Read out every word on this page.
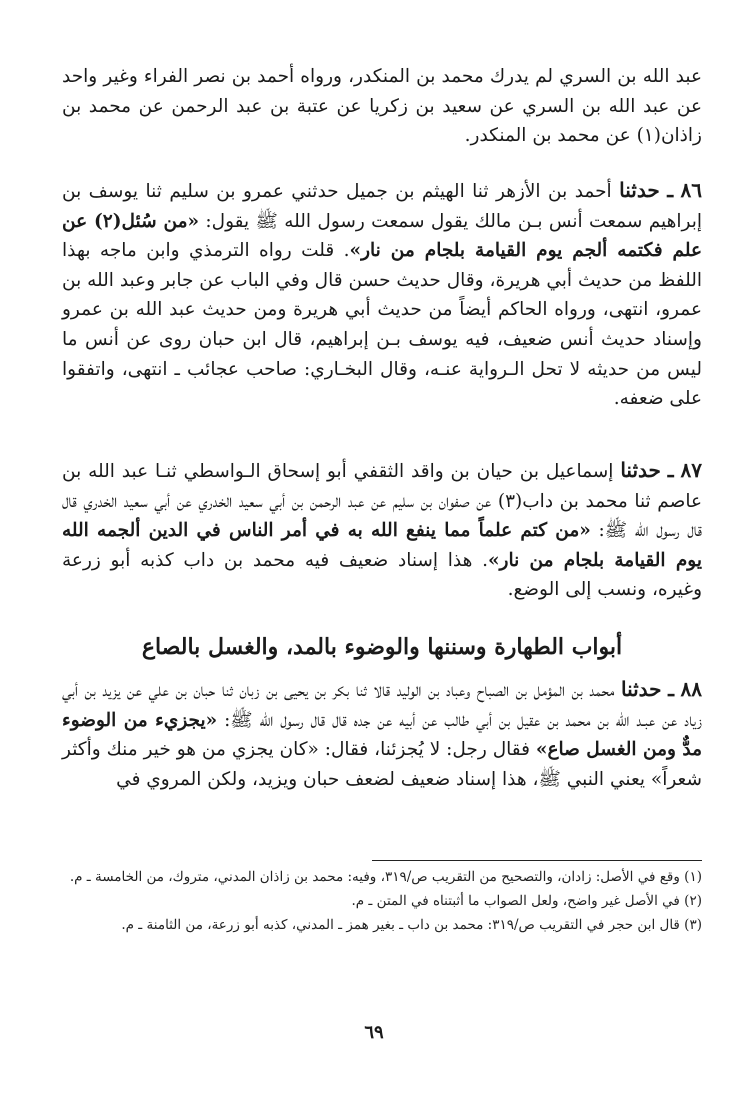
عبد الله بن السري لم يدرك محمد بن المنكدر، ورواه أحمد بن نصر الفراء وغير واحد عن عبد الله بن السري عن سعيد بن زكريا عن عتبة بن عبد الرحمن عن محمد بن زاذان(١) عن محمد بن المنكدر.

٨٦ ـ حدثنا أحمد بن الأزهر ثنا الهيثم بن جميل حدثني عمرو بن سليم ثنا يوسف بن إبراهيم سمعت أنس بـن مالك يقول سمعت رسول الله ﷺ يقول: «من سُئل(٢) عن علم فكتمه ألجم يوم القيامة بلجام من نار». قلت رواه الترمذي وابن ماجه بهذا اللفظ من حديث أبي هريرة، وقال حديث حسن قال وفي الباب عن جابر وعبد الله بن عمرو، انتهى، ورواه الحاكم أيضاً من حديث أبي هريرة ومن حديث عبد الله بن عمرو وإسناد حديث أنس ضعيف، فيه يوسف بـن إبراهيم، قال ابن حبان روى عن أنس ما ليس من حديثه لا تحل الـرواية عنـه، وقال البخـاري: صاحب عجائب ـ انتهى، واتفقوا على ضعفه.

٨٧ ـ حدثنا إسماعيل بن حيان بن واقد الثقفي أبو إسحاق الـواسطي ثنـا عبد الله بن عاصم ثنا محمد بن داب(٣) عن صفوان بن سليم عن عبد الرحمن بن أبي سعيد الخدري عن أبي سعيد الخدري قال قال رسول الله ﷺ: «من كتم علماً مما ينفع الله به في أمر الناس في الدين ألجمه الله يوم القيامة بلجام من نار». هذا إسناد ضعيف فيه محمد بن داب كذبه أبو زرعة وغيره، ونسب إلى الوضع.

أبواب الطهارة وسننها والوضوء بالمد، والغسل بالصاع

٨٨ ـ حدثنا محمد بن المؤمل بن الصباح وعباد بن الوليد قالا ثنا بكر بن يحيى بن زبان ثنا حبان بن علي عن يزيد بن أبي زياد عن عبـد الله بن محمد بن عقيل بن أبي طالب عن أبيه عن جده قال قال رسول الله ﷺ: «يجزيء من الوضوء مدٌّ ومن الغسل صاع» فقال رجل: لا يُجزئنا، فقال: «كان يجزي من هو خير منك وأكثر شعراً» يعني النبي ﷺ، هذا إسناد ضعيف لضعف حبان ويزيد، ولكن المروي في

(١) وقع في الأصل: زادان، والتصحيح من التقريب ص/٣١٩، وفيه: محمد بن زاذان المدني، متروك، من الخامسة ـ م.

(٢) في الأصل غير واضح، ولعل الصواب ما أثبتناه في المتن ـ م.

(٣) قال ابن حجر في التقريب ص/٣١٩: محمد بن داب ـ بغير همز ـ المدني، كذبه أبو زرعة، من الثامنة ـ م.

٦٩
